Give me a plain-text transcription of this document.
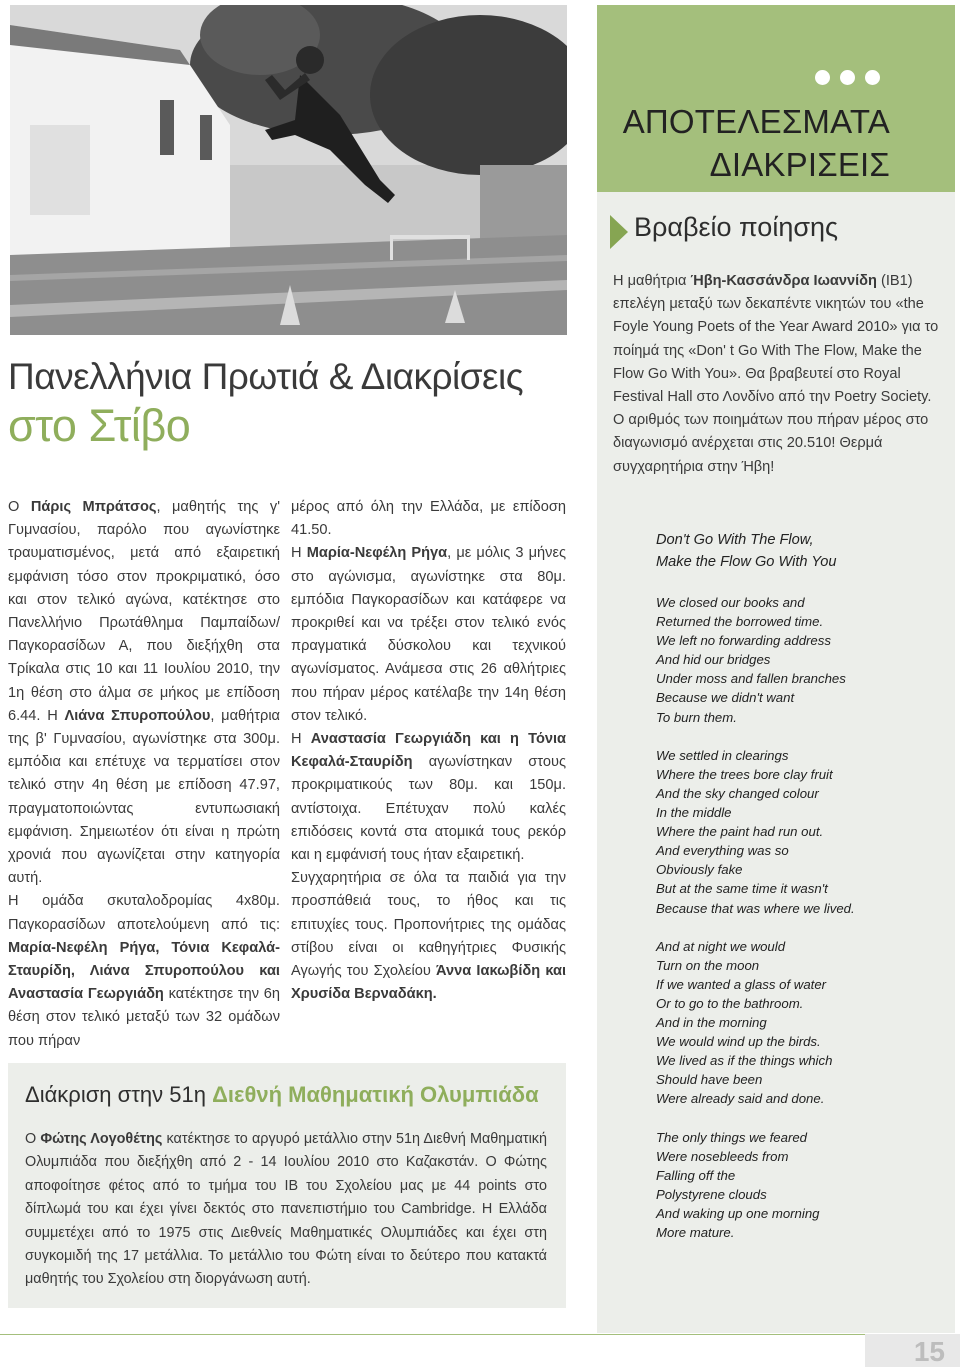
Πανελλήνια Πρωτιά & Διακρίσεις
στο Στίβο

Ο Πάρις Μπράτσος, μαθητής της γ' Γυμνασίου, παρόλο που αγωνίστηκε τραυματισμένος, μετά από εξαιρετική εμφάνιση τόσο στον προκριματικό, όσο και στον τελικό αγώνα, κατέκτησε στο Πανελλήνιο Πρωτάθλημα Παμπαίδων/ Παγκορασίδων Α, που διεξήχθη στα Τρίκαλα στις 10 και 11 Ιουλίου 2010, την 1η θέση στο άλμα σε μήκος με επίδοση 6.44. Η Λιάνα Σπυροπούλου, μαθήτρια της β' Γυμνασίου, αγωνίστηκε στα 300μ. εμπόδια και επέτυχε να τερματίσει στον τελικό στην 4η θέση με επίδοση 47.97, πραγματοποιώντας εντυπωσιακή εμφάνιση. Σημειωτέον ότι είναι η πρώτη χρονιά που αγωνίζεται στην κατηγορία αυτή.

Η ομάδα σκυταλοδρομίας 4x80μ. Παγκορασίδων αποτελούμενη από τις: Μαρία-Νεφέλη Ρήγα, Τόνια Κεφαλά-Σταυρίδη, Λιάνα Σπυροπούλου και Αναστασία Γεωργιάδη κατέκτησε την 6η θέση στον τελικό μεταξύ των 32 ομάδων που πήραν

μέρος από όλη την Ελλάδα, με επίδοση 41.50.

Η Μαρία-Νεφέλη Ρήγα, με μόλις 3 μήνες στο αγώνισμα, αγωνίστηκε στα 80μ. εμπόδια Παγκορασίδων και κατάφερε να προκριθεί και να τρέξει στον τελικό ενός πραγματικά δύσκολου και τεχνικού αγωνίσματος. Ανάμεσα στις 26 αθλήτριες που πήραν μέρος κατέλαβε την 14η θέση στον τελικό.

Η Αναστασία Γεωργιάδη και η Τόνια Κεφαλά-Σταυρίδη αγωνίστηκαν στους προκριματικούς των 80μ. και 150μ. αντίστοιχα. Επέτυχαν πολύ καλές επιδόσεις κοντά στα ατομικά τους ρεκόρ και η εμφάνισή τους ήταν εξαιρετική.

Συγχαρητήρια σε όλα τα παιδιά για την προσπάθειά τους, το ήθος και τις επιτυχίες τους. Προπονήτριες της ομάδας στίβου είναι οι καθηγήτριες Φυσικής Αγωγής του Σχολείου Άννα Ιακωβίδη και Χρυσίδα Βερναδάκη.

Διάκριση στην 51η Διεθνή Μαθηματική Ολυμπιάδα
Ο Φώτης Λογοθέτης κατέκτησε το αργυρό μετάλλιο στην 51η Διεθνή Μαθηματική Ολυμπιάδα που διεξήχθη από 2 - 14 Ιουλίου 2010 στο Καζακστάν. Ο Φώτης αποφοίτησε φέτος από το τμήμα του IB του Σχολείου μας με 44 points στο δίπλωμά του και έχει γίνει δεκτός στο πανεπιστήμιο του Cambridge. Η Ελλάδα συμμετέχει από το 1975 στις Διεθνείς Μαθηματικές Ολυμπιάδες και έχει στη συγκομιδή της 17 μετάλλια. Το μετάλλιο του Φώτη είναι το δεύτερο που κατακτά μαθητής του Σχολείου στη διοργάνωση αυτή.
ΑΠΟΤΕΛΕΣΜΑΤΑ
ΔΙΑΚΡΙΣΕΙΣ
Βραβείο ποίησης
Η μαθήτρια Ήβη-Κασσάνδρα Ιωαννίδη (ΙΒ1) επελέγη μεταξύ των δεκαπέντε νικητών του «the Foyle Young Poets of the Year Award 2010» για το ποίημά της «Don' t Go With The Flow, Make the Flow Go With You». Θα βραβευτεί στο Royal Festival Hall στο Λονδίνο από την Poetry Society. Ο αριθμός των ποιημάτων που πήραν μέρος στο διαγωνισμό ανέρχεται στις 20.510! Θερμά συγχαρητήρια στην Ήβη!
Don't Go With The Flow,
Make the Flow Go With You
We closed our books and
Returned the borrowed time.
We left no forwarding address
And hid our bridges
Under moss and fallen branches
Because we didn't want
To burn them.
We settled in clearings
Where the trees bore clay fruit
And the sky changed colour
In the middle
Where the paint had run out.
And everything was so
Obviously fake
But at the same time it wasn't
Because that was where we lived.
And at night we would
Turn on the moon
If we wanted a glass of water
Or to go to the bathroom.
And in the morning
We would wind up the birds.
We lived as if the things which
Should have been
Were already said and done.
The only things we feared
Were nosebleeds from
Falling off the
Polystyrene clouds
And waking up one morning
More mature.
15
